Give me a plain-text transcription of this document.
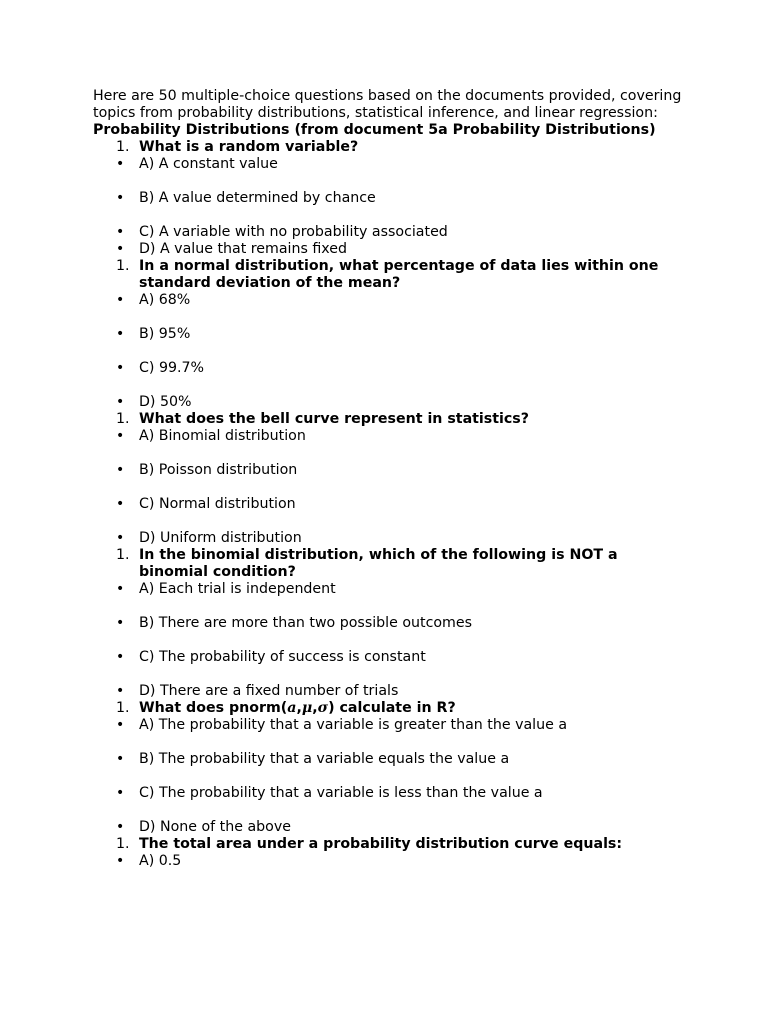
Here are 50 multiple-choice questions based on the documents provided, covering topics from probability distributions, statistical inference, and linear regression:

Probability Distributions (from document 5a Probability Distributions)

1. What is a random variable?

• A) A constant value

• B) A value determined by chance

• C) A variable with no probability associated

• D) A value that remains fixed

1. In a normal distribution, what percentage of data lies within one standard deviation of the mean?

• A) 68%

• B) 95%

• C) 99.7%

• D) 50%

1. What does the bell curve represent in statistics?

• A) Binomial distribution

• B) Poisson distribution

• C) Normal distribution

• D) Uniform distribution

1. In the binomial distribution, which of the following is NOT a binomial condition?

• A) Each trial is independent

• B) There are more than two possible outcomes

• C) The probability of success is constant

• D) There are a fixed number of trials

1. What does pnorm(a,μ,σ) calculate in R?

• A) The probability that a variable is greater than the value a

• B) The probability that a variable equals the value a

• C) The probability that a variable is less than the value a

• D) None of the above

1. The total area under a probability distribution curve equals:

• A) 0.5
